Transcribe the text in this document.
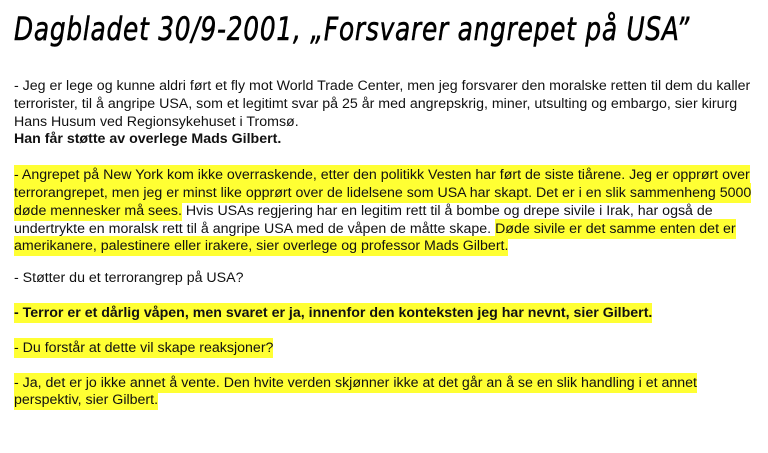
Dagbladet 30/9-2001, „Forsvarer angrepet på USA”

- Jeg er lege og kunne aldri ført et fly mot World Trade Center, men jeg forsvarer den moralske retten til dem du kaller terrorister, til å angripe USA, som et legitimt svar på 25 år med angrepskrig, miner, utsulting og embargo, sier kirurg Hans Husum ved Regionsykehuset i Tromsø.
Han får støtte av overlege Mads Gilbert.

- Angrepet på New York kom ikke overraskende, etter den politikk Vesten har ført de siste tiårene. Jeg er opprørt over terrorangrepet, men jeg er minst like opprørt over de lidelsene som USA har skapt. Det er i en slik sammenheng 5000 døde mennesker må sees. Hvis USAs regjering har en legitim rett til å bombe og drepe sivile i Irak, har også de undertrykte en moralsk rett til å angripe USA med de våpen de måtte skape. Døde sivile er det samme enten det er amerikanere, palestinere eller irakere, sier overlege og professor Mads Gilbert.

- Støtter du et terrorangrep på USA?

- Terror er et dårlig våpen, men svaret er ja, innenfor den konteksten jeg har nevnt, sier Gilbert.

- Du forstår at dette vil skape reaksjoner?

- Ja, det er jo ikke annet å vente. Den hvite verden skjønner ikke at det går an å se en slik handling i et annet perspektiv, sier Gilbert.
